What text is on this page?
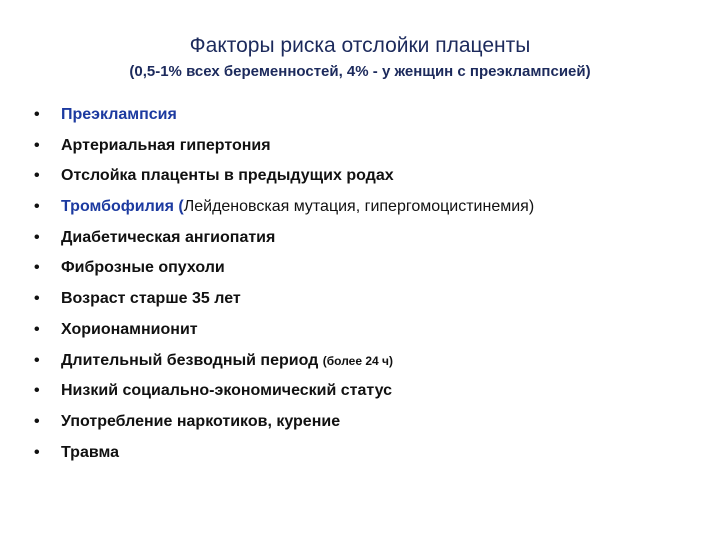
Факторы риска отслойки плаценты
(0,5-1% всех беременностей, 4% - у женщин с преэклампсией)
•	Преэклампсия
•	Артериальная гипертония
•	Отслойка плаценты в предыдущих родах
•	Тромбофилия (Лейденовская мутация, гипергомоцистинемия)
•	Диабетическая ангиопатия
•	Фиброзные опухоли
•	Возраст старше 35 лет
•	Хорионамнионит
•	Длительный безводный период (более 24 ч)
•	Низкий социально-экономический статус
•	Употребление наркотиков, курение
•	Травма
